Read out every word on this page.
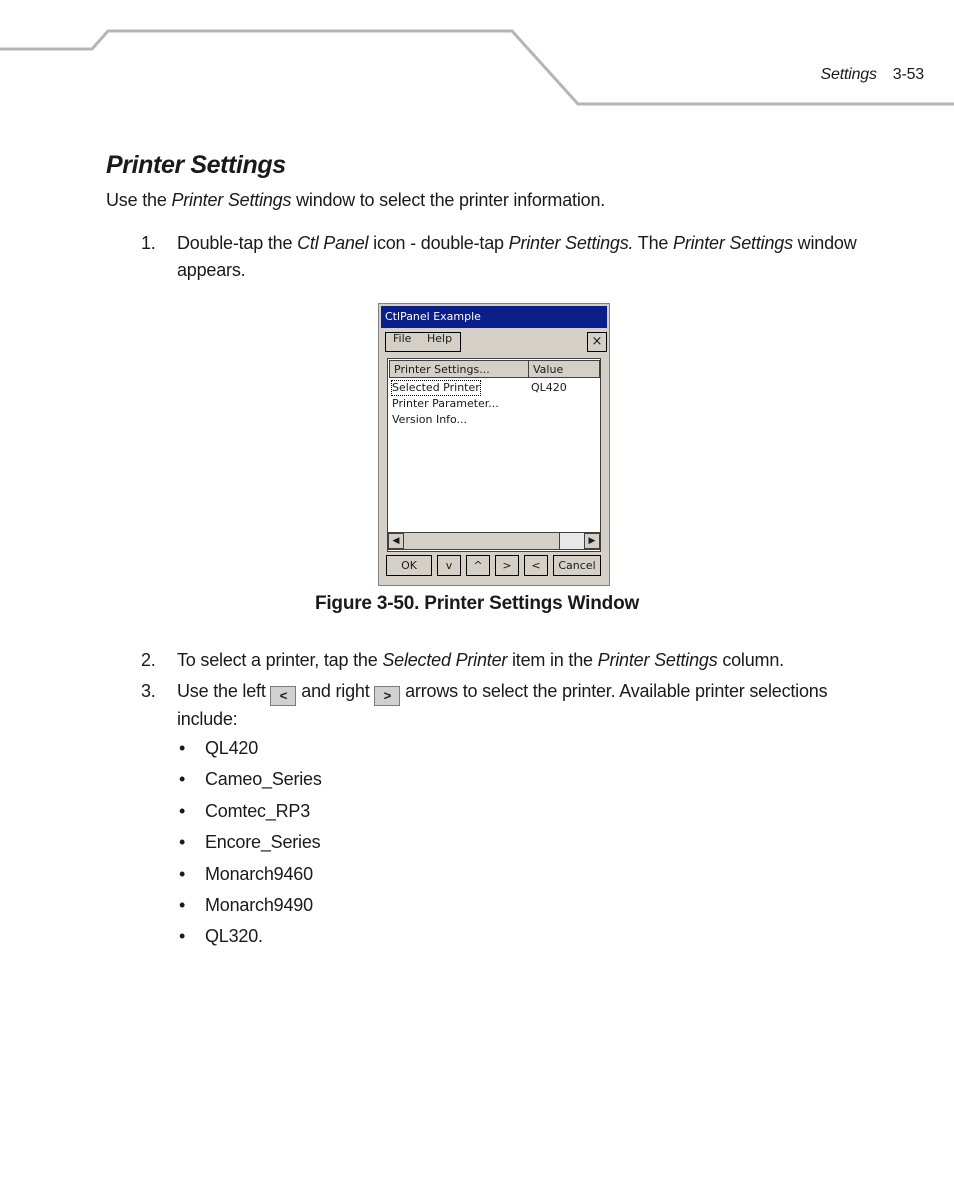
Settings 3-53
Printer Settings

Use the Printer Settings window to select the printer information.

1. Double-tap the Ctl Panel icon - double-tap Printer Settings. The Printer Settings window
appears.

CtlPanel Example
File Help	×
Printer Settings...	Value
Selected Printer	QL420
Printer Parameter...
Version Info...
◀	▶
OK	v	^	>	<	Cancel

Figure 3-50. Printer Settings Window

2. To select a printer, tap the Selected Printer item in the Printer Settings column.

3. Use the left < and right > arrows to select the printer. Available printer selections
include:

• QL420
• Cameo_Series
• Comtec_RP3
• Encore_Series
• Monarch9460
• Monarch9490
• QL320.
